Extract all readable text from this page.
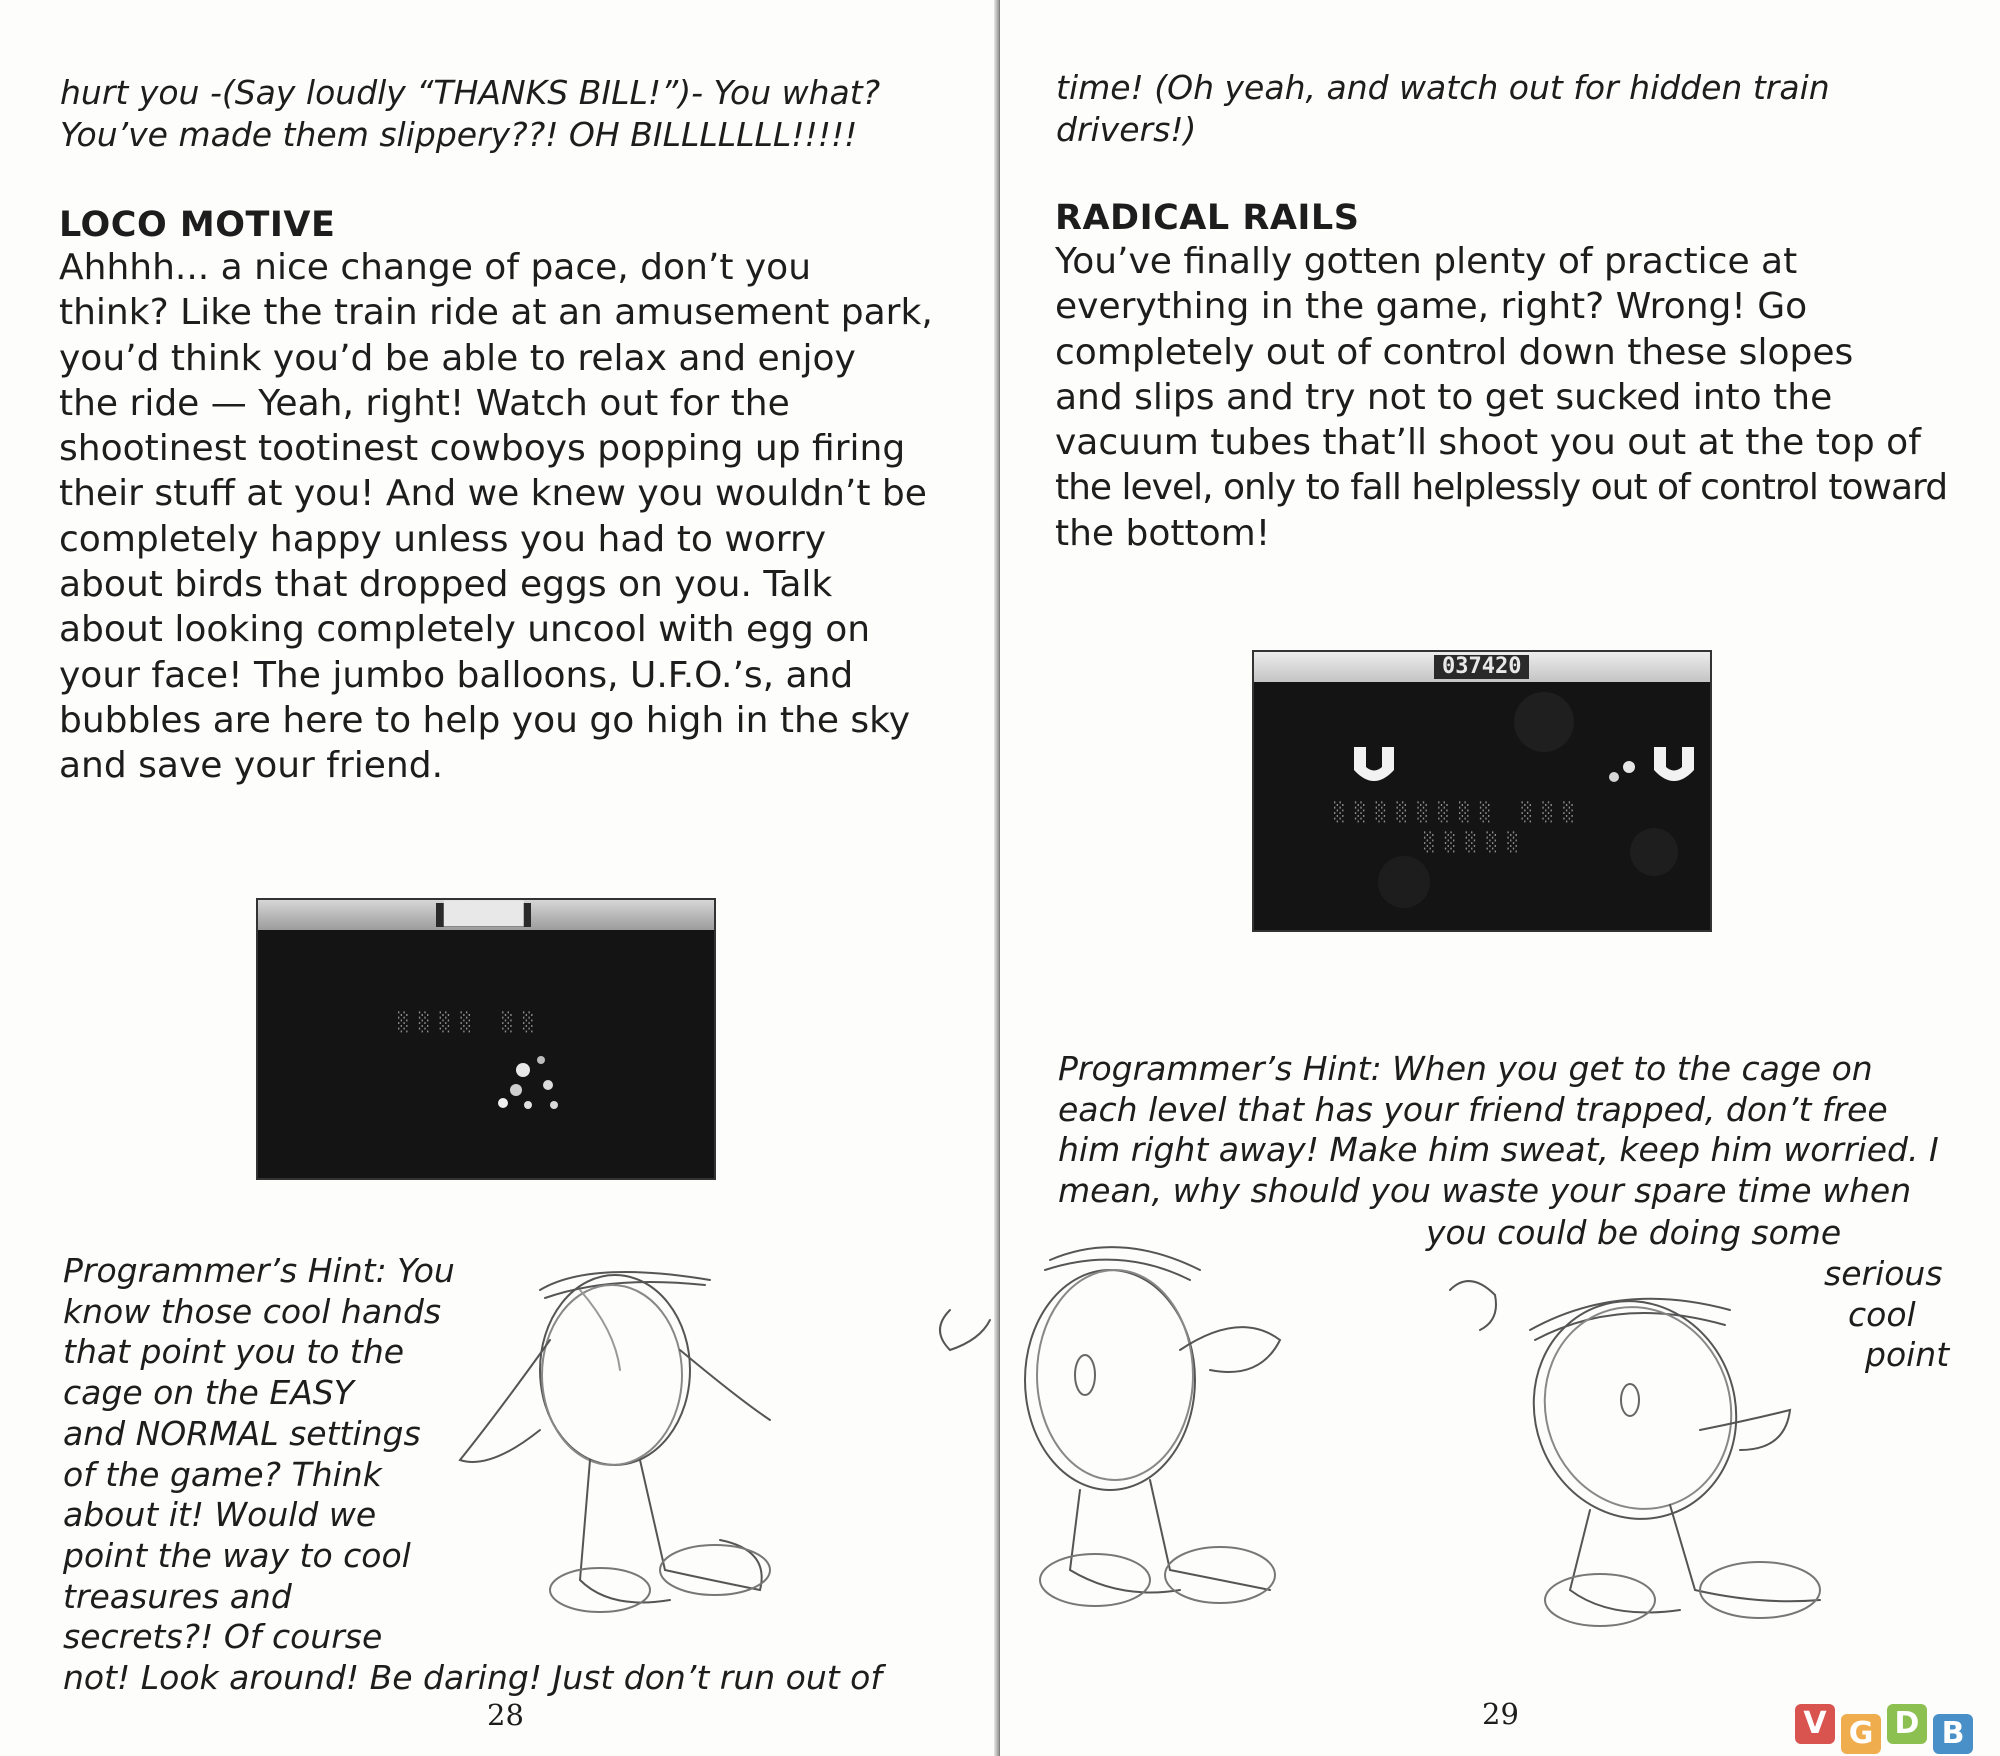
hurt you -(Say loudly “THANKS BILL!”)- You what?
You’ve made them slippery??! OH BILLLLLLL!!!!!
LOCO MOTIVE
Ahhhh... a nice change of pace, don’t you
think? Like the train ride at an amusement park,
you’d think you’d be able to relax and enjoy
the ride — Yeah, right! Watch out for the
shootinest tootinest cowboys popping up firing
their stuff at you! And we knew you wouldn’t be
completely happy unless you had to worry
about birds that dropped eggs on you. Talk
about looking completely uncool with egg on
your face! The jumbo balloons, U.F.O.’s, and
bubbles are here to help you go high in the sky
and save your friend.
██████
░░░░ ░░
Programmer’s Hint: You
know those cool hands
that point you to the
cage on the EASY
and NORMAL settings
of the game? Think
about it! Would we
point the way to cool
treasures and
secrets?! Of course
not! Look around! Be daring! Just don’t run out of
28
time! (Oh yeah, and watch out for hidden train
drivers!)
RADICAL RAILS
You’ve finally gotten plenty of practice at
everything in the game, right? Wrong! Go
completely out of control down these slopes
and slips and try not to get sucked into the
vacuum tubes that’ll shoot you out at the top of
the level, only to fall helplessly out of control toward
the bottom!
037420
░░░░░░░░ ░░░
░░░░░
Programmer’s Hint: When you get to the cage on
each level that has your friend trapped, don’t free
him right away! Make him sweat, keep him worried. I
mean, why should you waste your spare time when
you could be doing some
serious
cool
point
29	V G D B
